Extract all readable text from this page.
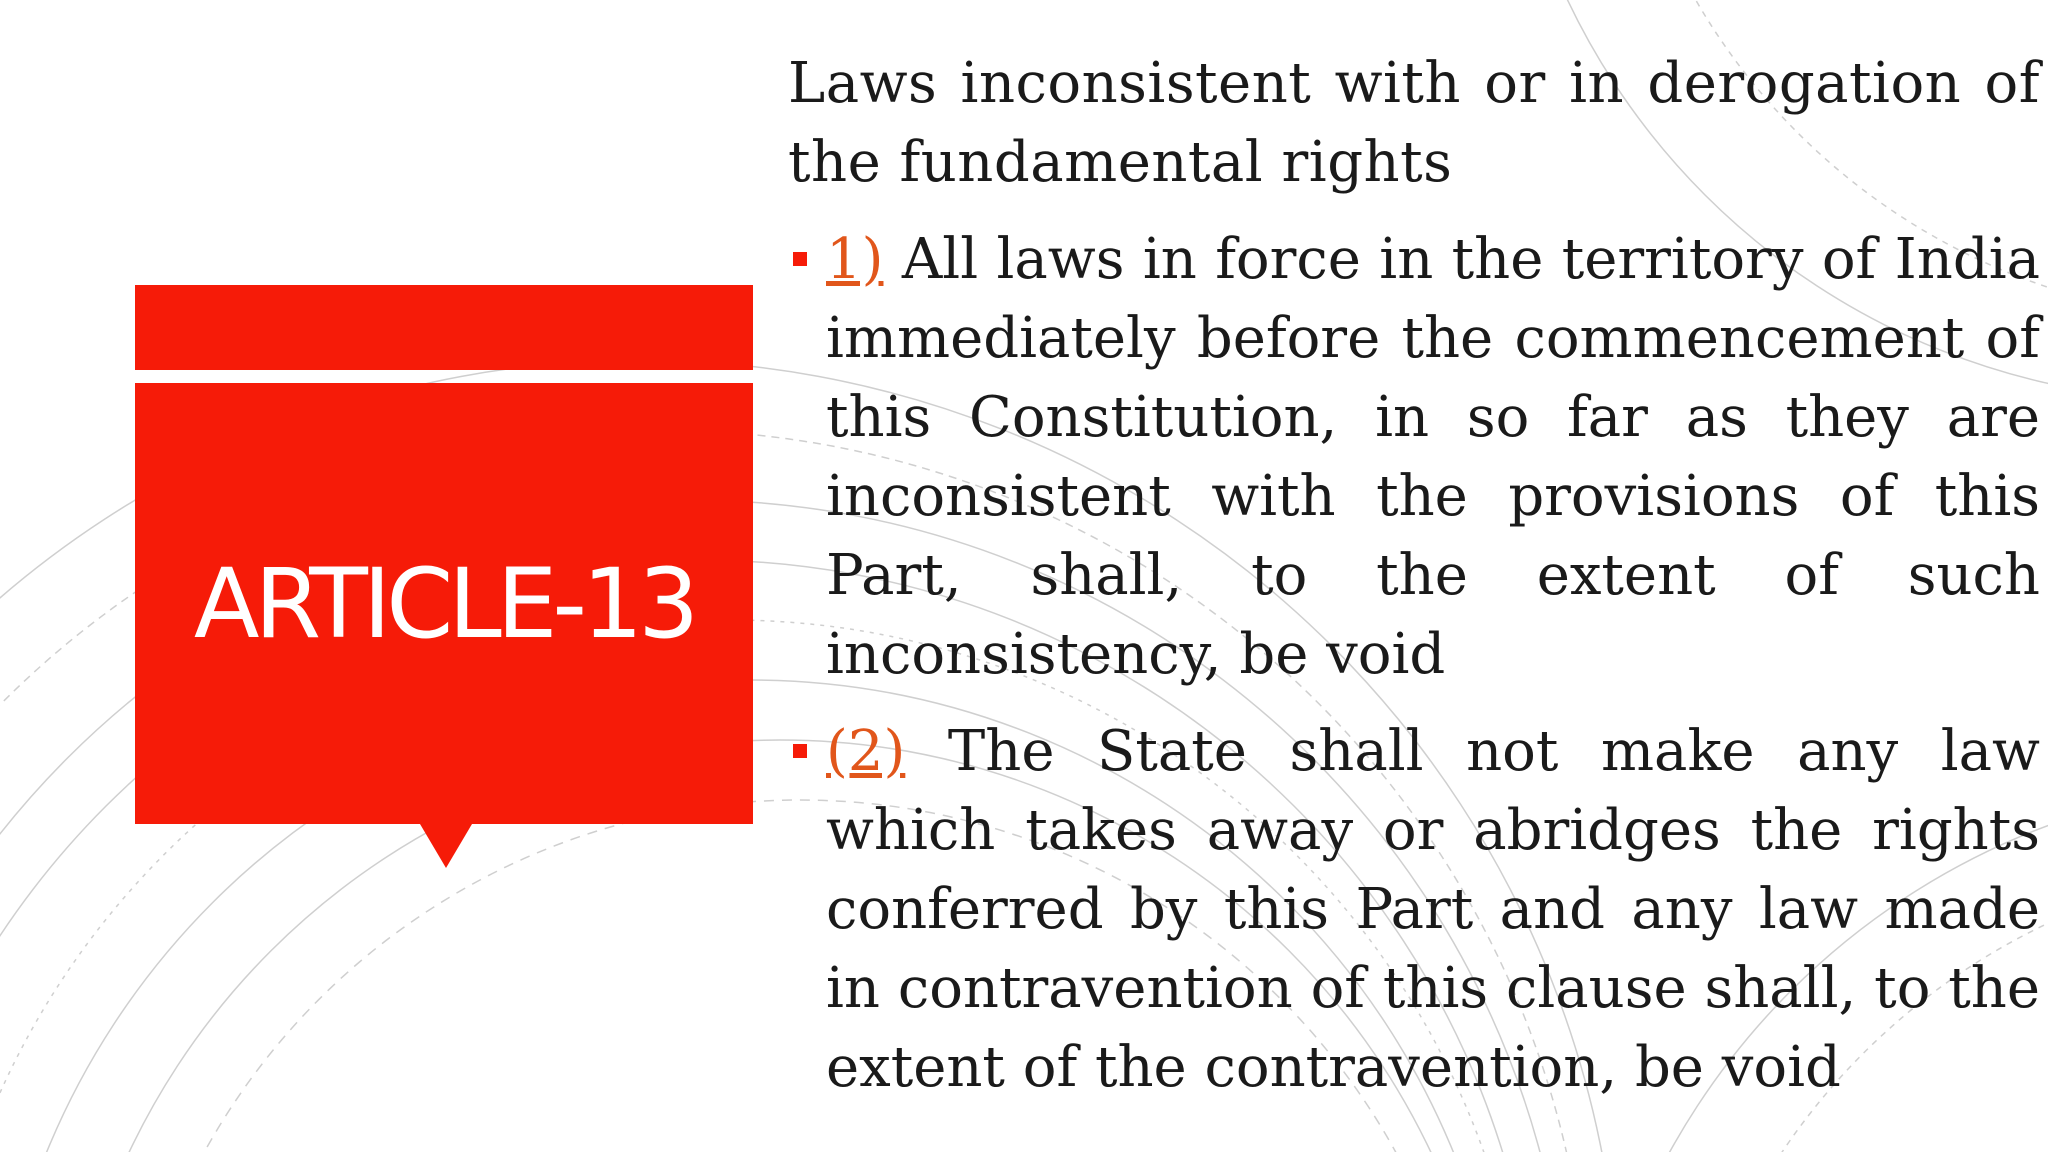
ARTICLE-13

Laws inconsistent with or in derogation of the fundamental rights

1) All laws in force in the territory of India immediately before the commencement of this Constitution, in so far as they are inconsistent with the provisions of this Part, shall, to the extent of such inconsistency, be void

(2) The State shall not make any law which takes away or abridges the rights conferred by this Part and any law made in contravention of this clause shall, to the extent of the contravention, be void
